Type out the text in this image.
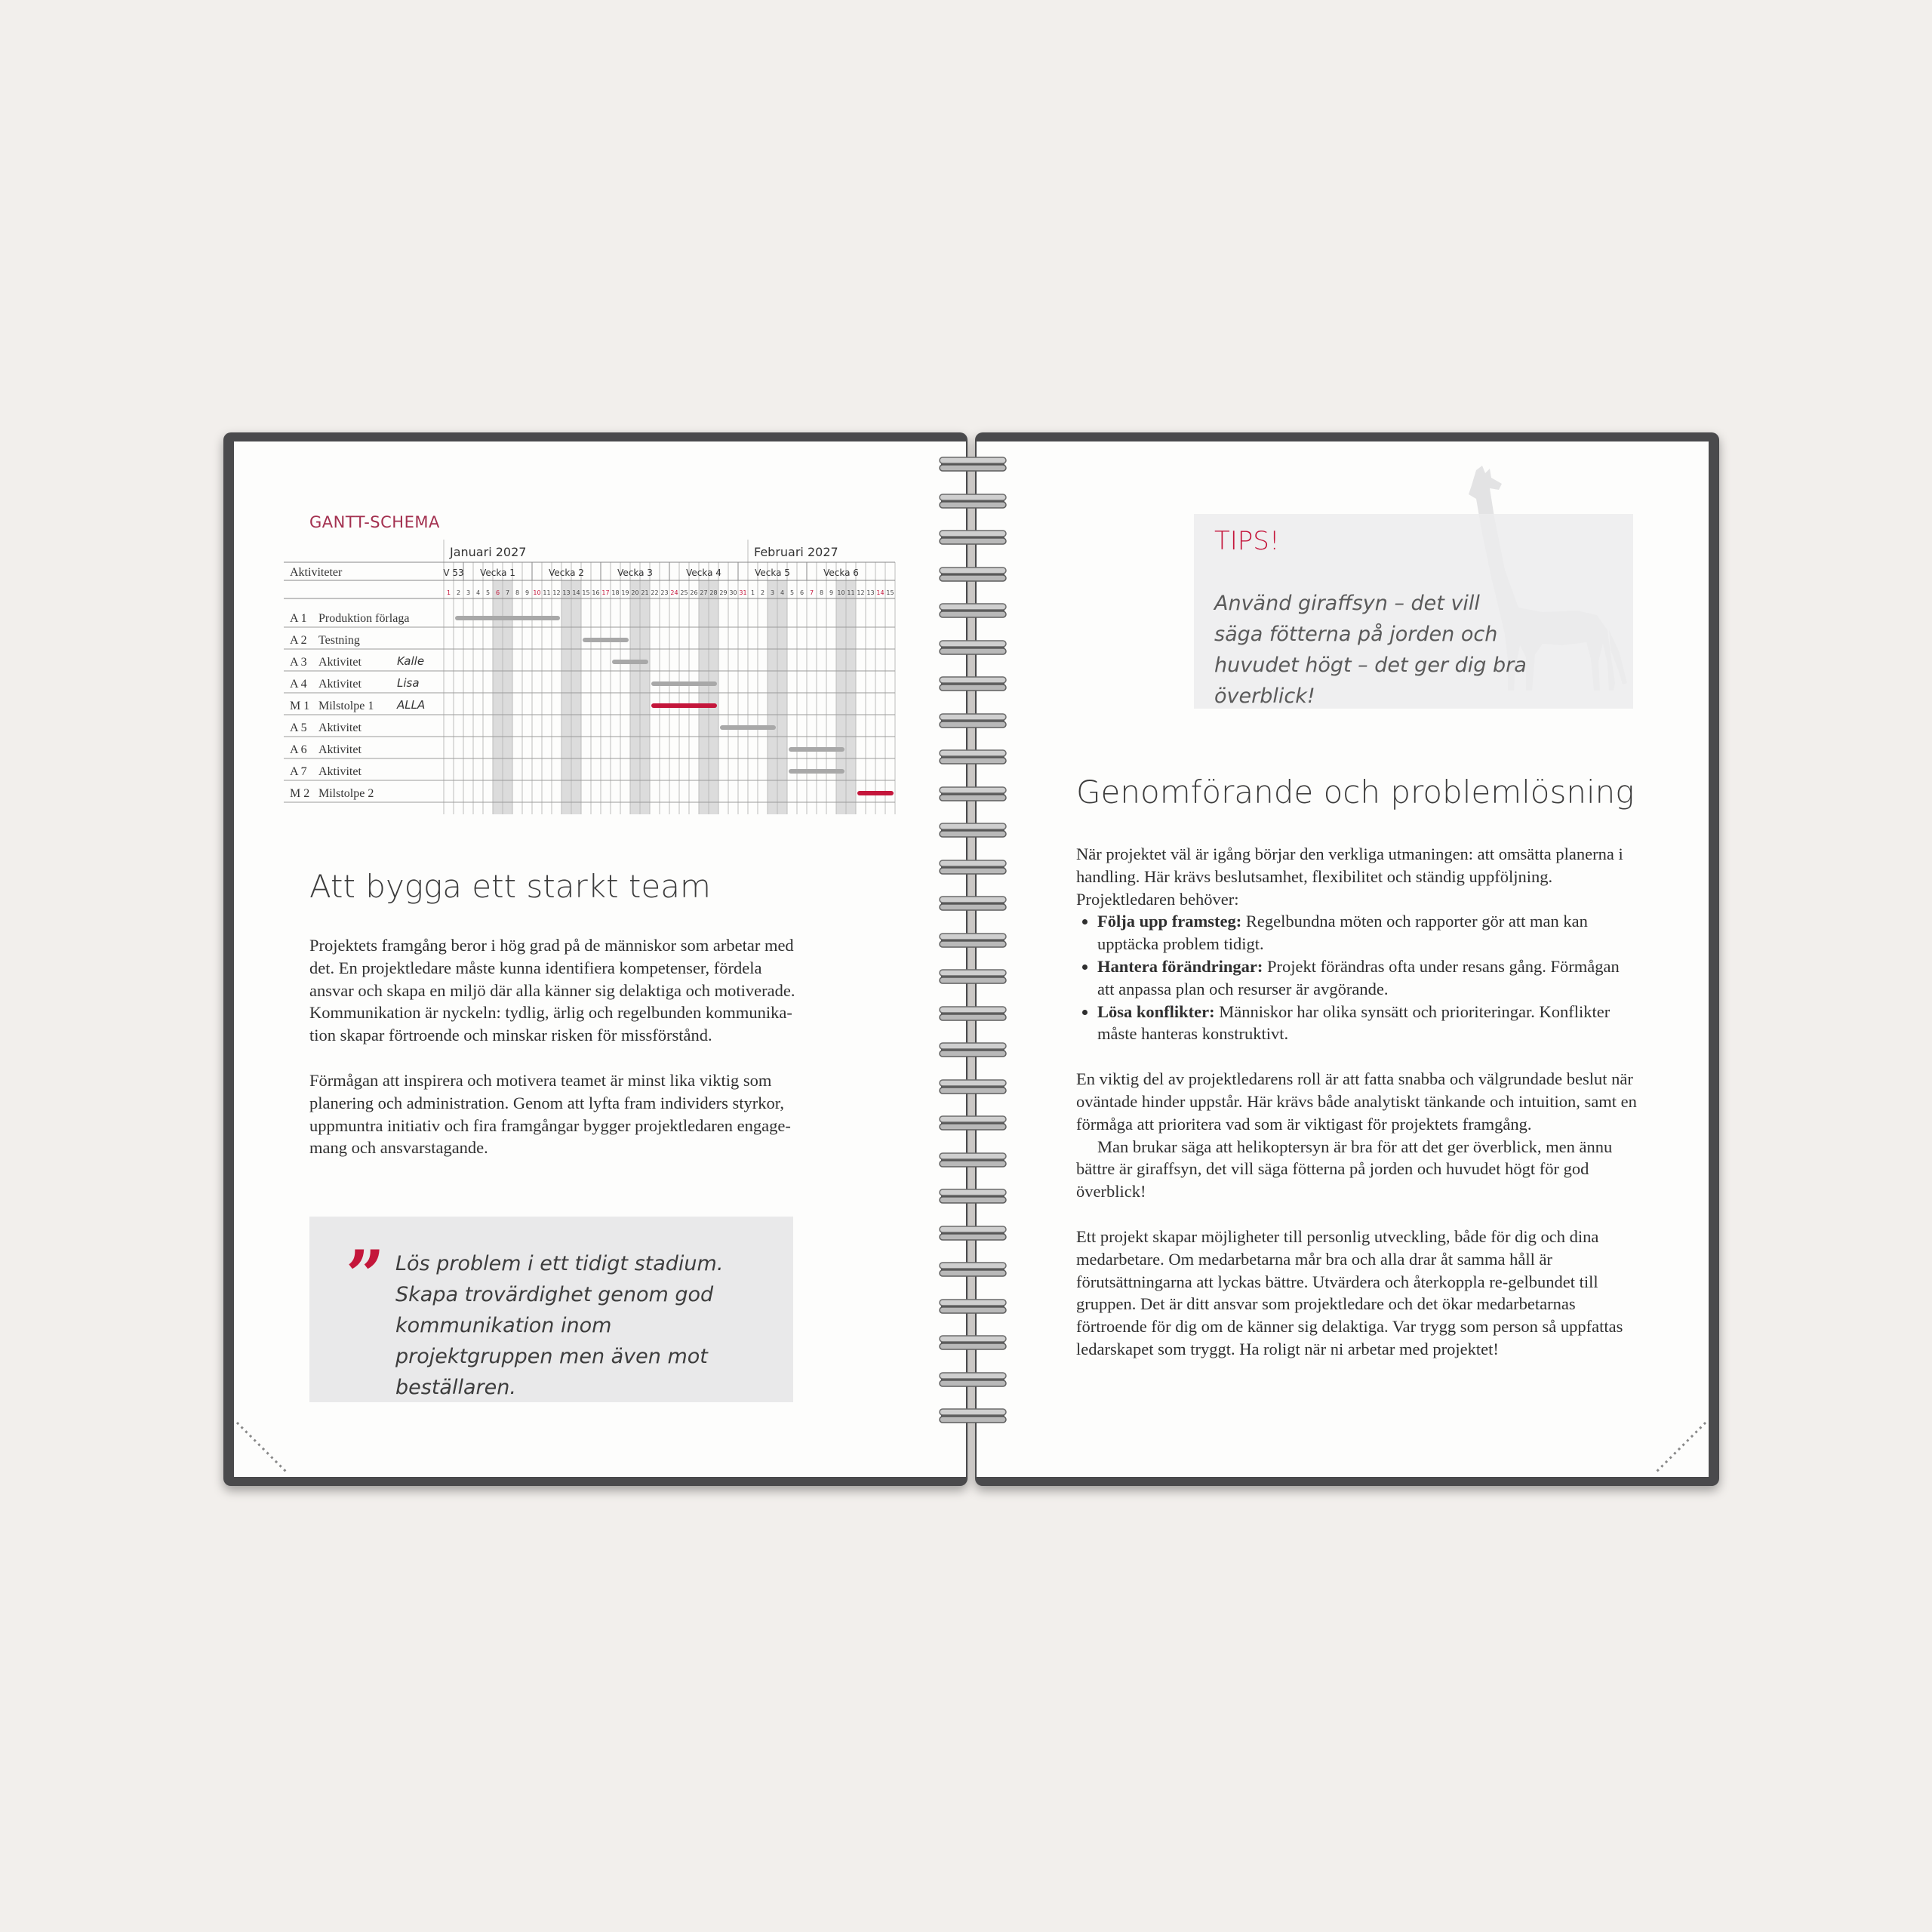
GANTT-SCHEMA
Januari 2027	Februari 2027
Aktiviteter	V 53 Vecka 1	Vecka 2	Vecka 3	Vecka 4	Vecka 5	Vecka 6
1 2 3 4 5 6 7 8 9 10 11 12 13 14 15 16 17 18 19 20 21 22 23 24 25 26 27 28 29 30 31 1 2 3 4 5 6 7 8 9 10 11 12 13 14 15
A 1 Produktion förlaga
A 2 Testning
A 3 Aktivitet	Kalle
A 4 Aktivitet	Lisa
M 1 Milstolpe 1 ALLA
A 5 Aktivitet
A 6 Aktivitet
A 7 Aktivitet
M 2 Milstolpe 2
Att bygga ett starkt team

Projektets framgång beror i hög grad på de människor som arbetar med det. En projektledare måste kunna identifiera kompetenser, fördela ansvar och skapa en miljö där alla känner sig delaktiga och motiverade. Kommunikation är nyckeln: tydlig, ärlig och regelbunden kommunika-tion skapar förtroende och minskar risken för missförstånd.

Förmågan att inspirera och motivera teamet är minst lika viktig som planering och administration. Genom att lyfta fram individers styrkor, uppmuntra initiativ och fira framgångar bygger projektledaren engage-mang och ansvarstagande.

” Lös problem i ett tidigt stadium. Skapa trovärdighet genom god kommunikation inom projektgruppen men även mot beställaren.
TIPS!
Använd giraffsyn – det vill säga fötterna på jorden och huvudet högt – det ger dig bra överblick!
Genomförande och problemlösning

När projektet väl är igång börjar den verkliga utmaningen: att omsätta planerna i handling. Här krävs beslutsamhet, flexibilitet och ständig uppföljning. Projektledaren behöver:

• Följa upp framsteg: Regelbundna möten och rapporter gör att man kan upptäcka problem tidigt.
• Hantera förändringar: Projekt förändras ofta under resans gång. Förmågan att anpassa plan och resurser är avgörande.
• Lösa konflikter: Människor har olika synsätt och prioriteringar. Konflikter måste hanteras konstruktivt.

En viktig del av projektledarens roll är att fatta snabba och välgrundade beslut när oväntade hinder uppstår. Här krävs både analytiskt tänkande och intuition, samt en förmåga att prioritera vad som är viktigast för projektets framgång.

Man brukar säga att helikoptersyn är bra för att det ger överblick, men ännu bättre är giraffsyn, det vill säga fötterna på jorden och huvudet högt för god överblick!

Ett projekt skapar möjligheter till personlig utveckling, både för dig och dina medarbetare. Om medarbetarna mår bra och alla drar åt samma håll är förutsättningarna att lyckas bättre. Utvärdera och återkoppla re-gelbundet till gruppen. Det är ditt ansvar som projektledare och det ökar medarbetarnas förtroende för dig om de känner sig delaktiga. Var trygg som person så uppfattas ledarskapet som tryggt. Ha roligt när ni arbetar med projektet!
